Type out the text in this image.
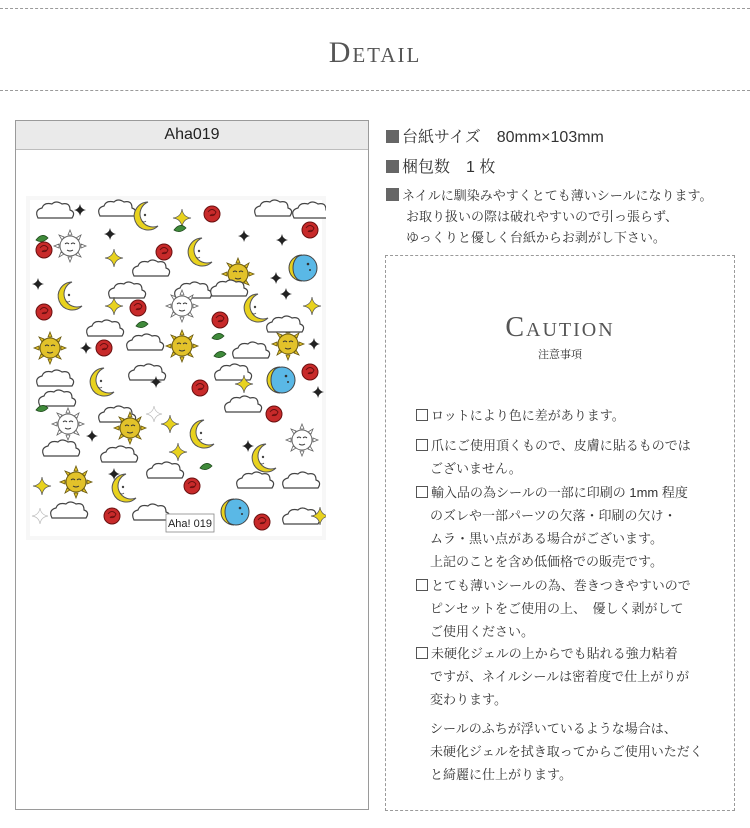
Detail
Aha019
Aha! 019
台紙サイズ　80mm×103mm
梱包数　1 枚
ネイルに馴染みやすくとても薄いシールになります。
お取り扱いの際は破れやすいので引っ張らず、
ゆっくりと優しく台紙からお剥がし下さい。
Caution
注意事項
ロットにより色に差があります。
爪にご使用頂くもので、皮膚に貼るものでは
ございません。
輸入品の為シールの一部に印刷の 1mm 程度
のズレや一部パーツの欠落・印刷の欠け・
ムラ・黒い点がある場合がございます。
上記のことを含め低価格での販売です。
とても薄いシールの為、巻きつきやすいので
ピンセットをご使用の上、　優しく剥がして
ご使用ください。
未硬化ジェルの上からでも貼れる強力粘着
ですが、ネイルシールは密着度で仕上がりが
変わります。
シールのふちが浮いているような場合は、
未硬化ジェルを拭き取ってからご使用いただく
と綺麗に仕上がります。
